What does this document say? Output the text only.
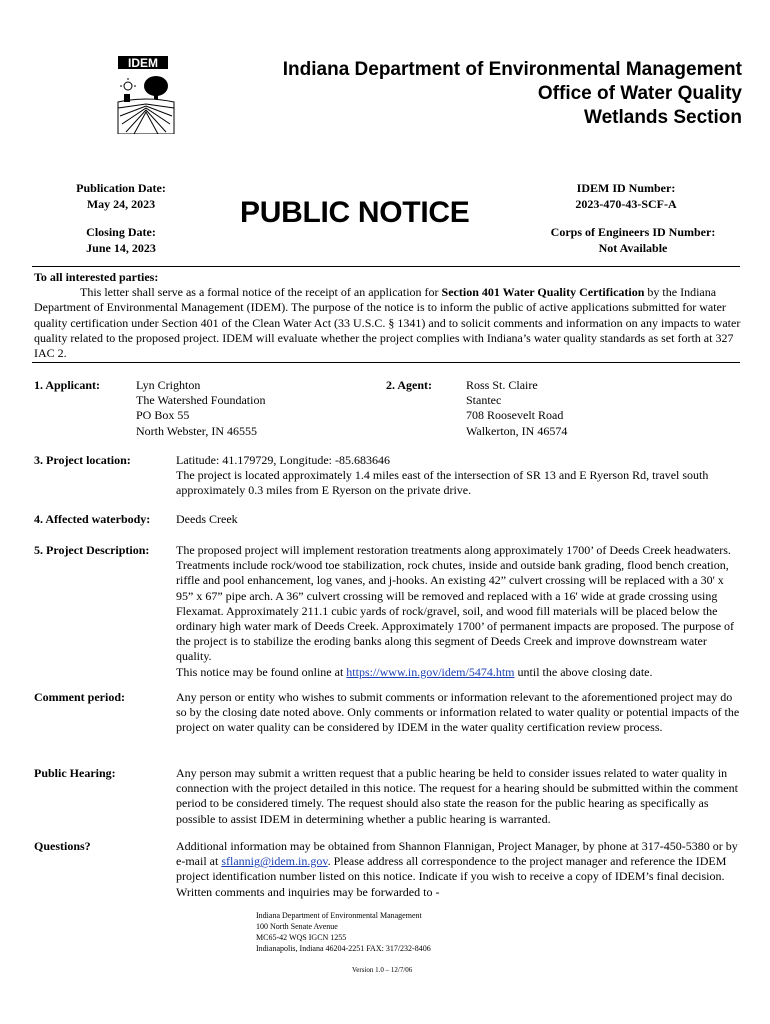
IDEM	Indiana Department of Environmental Management
Office of Water Quality
Wetlands Section
Publication Date:
May 24, 2023
Closing Date:
June 14, 2023
PUBLIC NOTICE
IDEM ID Number:
2023-470-43-SCF-A
Corps of Engineers ID Number:
Not Available
To all interested parties:

This letter shall serve as a formal notice of the receipt of an application for Section 401 Water Quality Certification by the Indiana Department of Environmental Management (IDEM). The purpose of the notice is to inform the public of active applications submitted for water quality certification under Section 401 of the Clean Water Act (33 U.S.C. § 1341) and to solicit comments and information on any impacts to water quality related to the proposed project. IDEM will evaluate whether the project complies with Indiana’s water quality standards as set forth at 327 IAC 2.

1. Applicant:	Lyn Crighton
The Watershed Foundation
PO Box 55
North Webster, IN 46555
2. Agent:	Ross St. Claire
Stantec
708 Roosevelt Road
Walkerton, IN 46574
3. Project location:	Latitude: 41.179729, Longitude: -85.683646
The project is located approximately 1.4 miles east of the intersection of SR 13 and E Ryerson Rd, travel south approximately 0.3 miles from E Ryerson on the private drive.
4. Affected waterbody: Deeds Creek
5. Project Description: The proposed project will implement restoration treatments along approximately 1700’ of Deeds Creek headwaters. Treatments include rock/wood toe stabilization, rock chutes, inside and outside bank grading, flood bench creation, riffle and pool enhancement, log vanes, and j-hooks. An existing 42” culvert crossing will be replaced with a 30' x 95” x 67” pipe arch. A 36” culvert crossing will be removed and replaced with a 16' wide at grade crossing using Flexamat. Approximately 211.1 cubic yards of rock/gravel, soil, and wood fill materials will be placed below the ordinary high water mark of Deeds Creek. Approximately 1700’ of permanent impacts are proposed. The purpose of the project is to stabilize the eroding banks along this segment of Deeds Creek and improve downstream water quality.
This notice may be found online at https://www.in.gov/idem/5474.htm until the above closing date.
Comment period:	Any person or entity who wishes to submit comments or information relevant to the aforementioned project may do so by the closing date noted above. Only comments or information related to water quality or potential impacts of the project on water quality can be considered by IDEM in the water quality certification review process.
Public Hearing:	Any person may submit a written request that a public hearing be held to consider issues related to water quality in connection with the project detailed in this notice. The request for a hearing should be submitted within the comment period to be considered timely. The request should also state the reason for the public hearing as specifically as possible to assist IDEM in determining whether a public hearing is warranted.
Questions?	Additional information may be obtained from Shannon Flannigan, Project Manager, by phone at 317-450-5380 or by e-mail at sflannig@idem.in.gov. Please address all correspondence to the project manager and reference the IDEM project identification number listed on this notice. Indicate if you wish to receive a copy of IDEM’s final decision. Written comments and inquiries may be forwarded to -
Indiana Department of Environmental Management
100 North Senate Avenue
MC65-42 WQS IGCN 1255
Indianapolis, Indiana 46204-2251 FAX: 317/232-8406
Version 1.0 – 12/7/06
